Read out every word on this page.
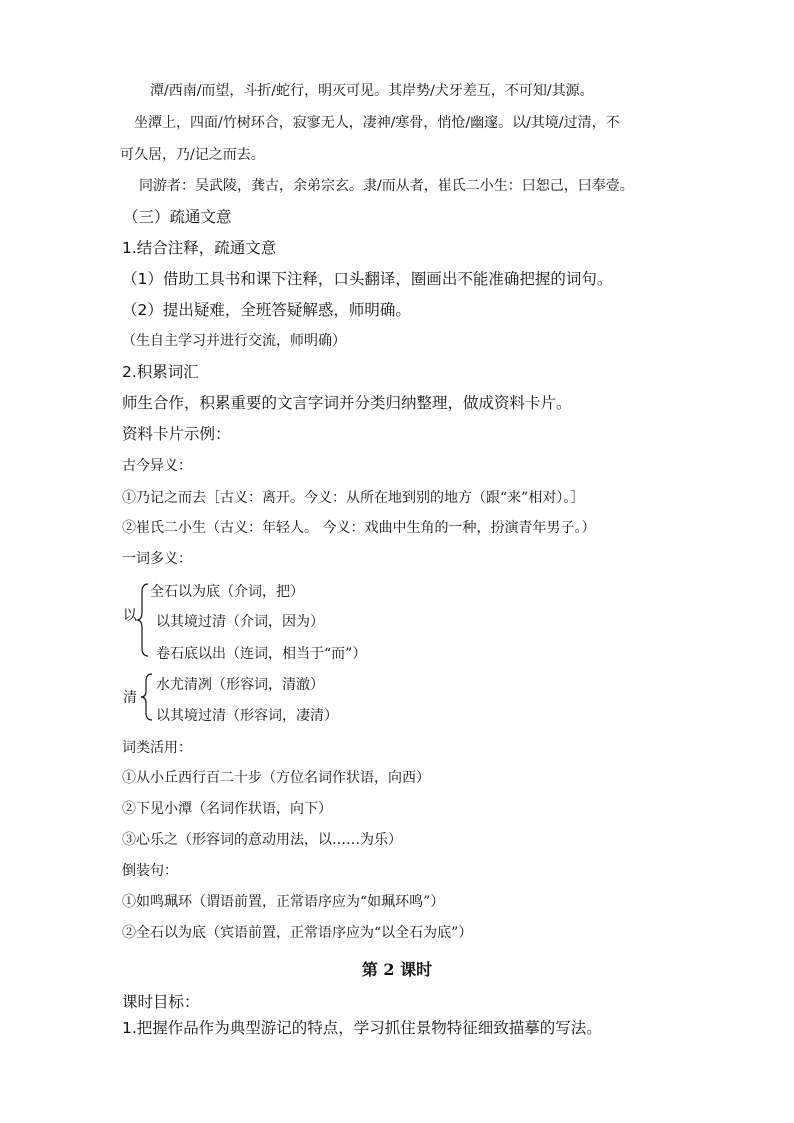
潭/西南/而望，斗折/蛇行，明灭可见。其岸势/犬牙差互，不可知/其源。
坐潭上，四面/竹树环合，寂寥无人，凄神/寒骨，悄怆/幽邃。以/其境/过清，不
可久居，乃/记之而去。
同游者：吴武陵，龚古，余弟宗玄。隶/而从者，崔氏二小生：曰恕己，曰奉壹。
（三）疏通文意
1.结合注释，疏通文意
（1）借助工具书和课下注释，口头翻译，圈画出不能准确把握的词句。
（2）提出疑难，全班答疑解惑，师明确。
（生自主学习并进行交流，师明确）
2.积累词汇
师生合作，积累重要的文言字词并分类归纳整理，做成资料卡片。
资料卡片示例：
古今异义：
①乃记之而去［古义：离开。今义：从所在地到别的地方（跟“来”相对）。］
②崔氏二小生（古义：年轻人。 今义：戏曲中生角的一种，扮演青年男子。）
一词多义：
以
全石以为底（介词，把）
以其境过清（介词，因为）
卷石底以出（连词，相当于“而”）
清
水尤清冽（形容词，清澈）
以其境过清（形容词，凄清）
词类活用：
①从小丘西行百二十步（方位名词作状语，向西）
②下见小潭（名词作状语，向下）
③心乐之（形容词的意动用法，以……为乐）
倒装句：
①如鸣珮环（谓语前置，正常语序应为“如珮环鸣”）
②全石以为底（宾语前置，正常语序应为“以全石为底”）
第 2 课时
课时目标：
1.把握作品作为典型游记的特点，学习抓住景物特征细致描摹的写法。
